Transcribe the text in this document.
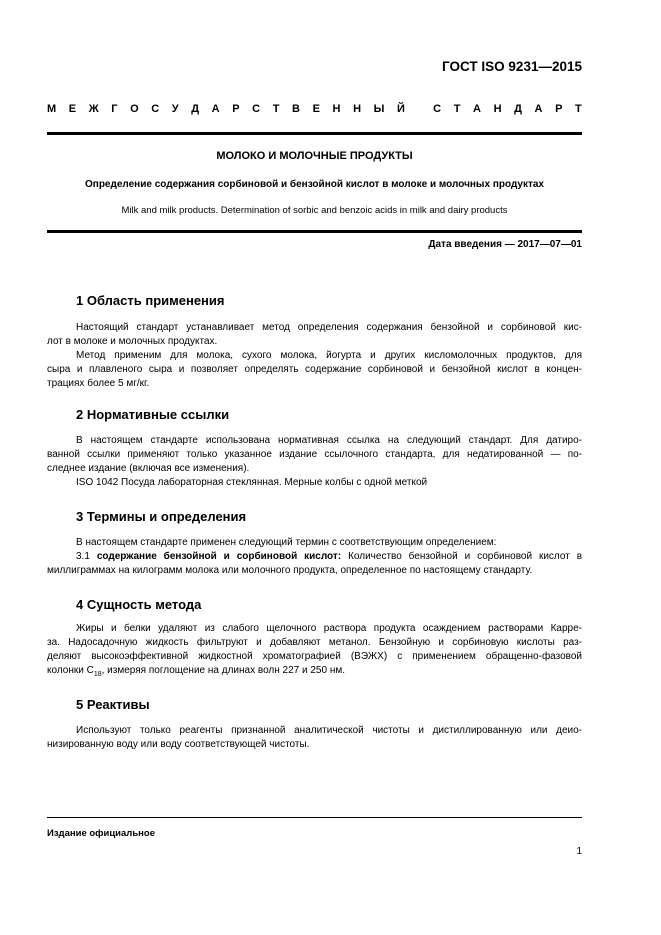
ГОСТ ISO 9231—2015
М Е Ж Г О С У Д А Р С Т В Е Н Н Ы Й
	С Т А Н Д А Р Т
МОЛОКО И МОЛОЧНЫЕ ПРОДУКТЫ
Определение содержания сорбиновой и бензойной кислот в молоке и молочных продуктах
Milk and milk products. Determination of sorbic and benzoic acids in milk and dairy products
Дата введения — 2017—07—01
1 Область применения
Настоящий стандарт устанавливает метод определения содержания бензойной и сорбиновой кис-
лот в молоке и молочных продуктах.
Метод применим для молока, сухого молока, йогурта и других кисломолочных продуктов, для
сыра и плавленого сыра и позволяет определять содержание сорбиновой и бензойной кислот в концен-
трациях более 5 мг/кг.
2 Нормативные ссылки
В настоящем стандарте использована нормативная ссылка на следующий стандарт. Для датиро-
ванной ссылки применяют только указанное издание ссылочного стандарта, для недатированной — по-
следнее издание (включая все изменения).
ISO 1042 Посуда лабораторная стеклянная. Мерные колбы с одной меткой
3 Термины и определения
В настоящем стандарте применен следующий термин с соответствующим определением:
3.1 содержание бензойной и сорбиновой кислот: Количество бензойной и сорбиновой кислот в
миллиграммах на килограмм молока или молочного продукта, определенное по настоящему стандарту.
4 Сущность метода
Жиры и белки удаляют из слабого щелочного раствора продукта осаждением растворами Карре-
за. Надосадочную жидкость фильтруют и добавляют метанол. Бензойную и сорбиновую кислоты раз-
деляют высокоэффективной жидкостной хроматографией (ВЭЖХ) с применением обращенно-фазовой
колонки $С_{18}$, измеряя поглощение на длинах волн 227 и 250 нм.
5 Реактивы
Используют только реагенты признанной аналитической чистоты и дистиллированную или деио-
низированную воду или воду соответствующей чистоты.
Издание официальное
1
